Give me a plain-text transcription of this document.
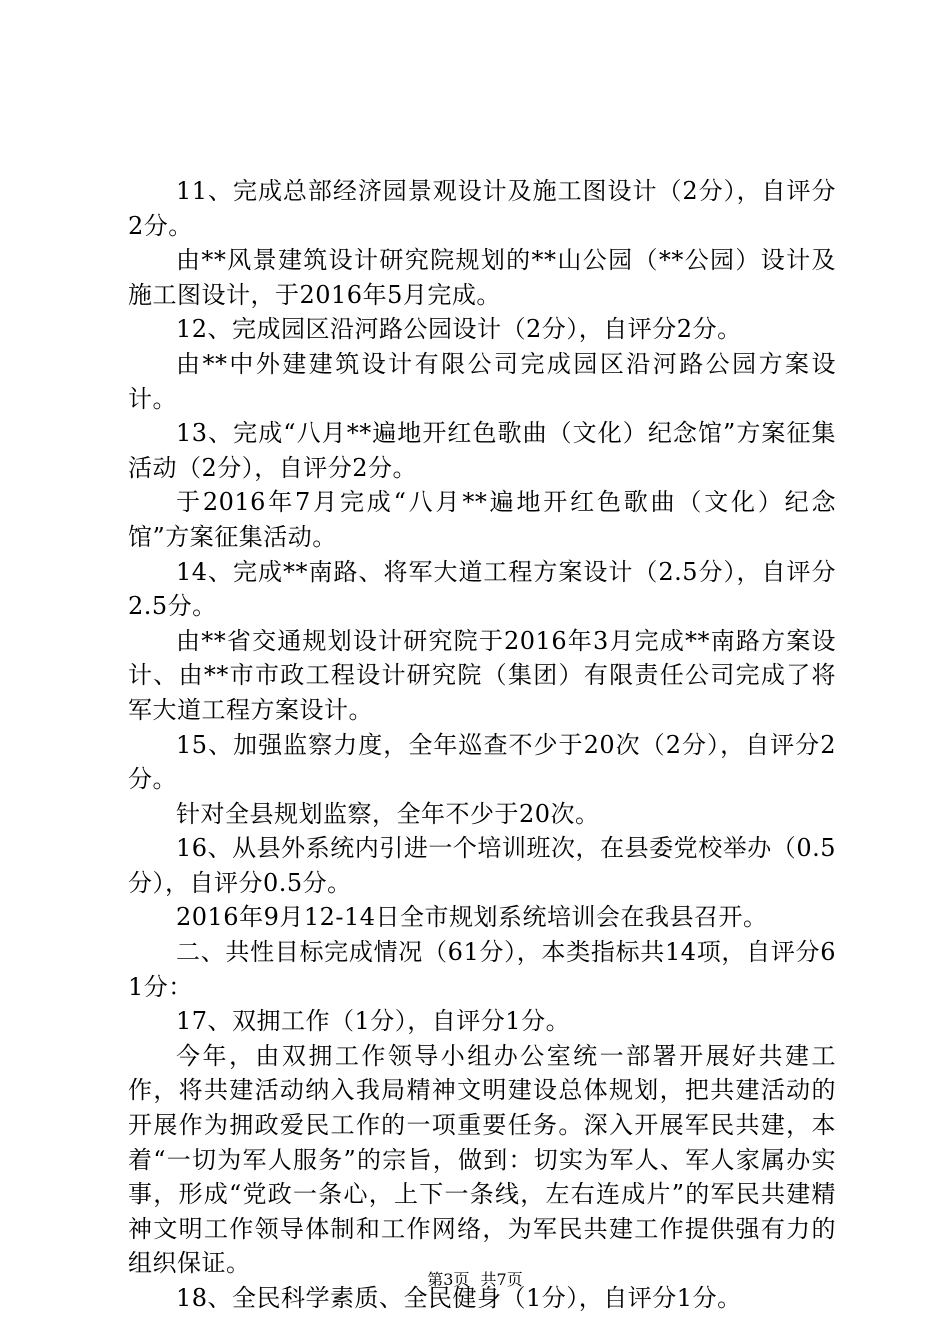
11、完成总部经济园景观设计及施工图设计（2分），自评分2分。

由**风景建筑设计研究院规划的**山公园（**公园）设计及施工图设计，于2016年5月完成。

12、完成园区沿河路公园设计（2分），自评分2分。

由**中外建建筑设计有限公司完成园区沿河路公园方案设计。

13、完成“八月**遍地开红色歌曲（文化）纪念馆”方案征集活动（2分），自评分2分。

于2016年7月完成“八月**遍地开红色歌曲（文化）纪念馆”方案征集活动。

14、完成**南路、将军大道工程方案设计（2.5分），自评分2.5分。

由**省交通规划设计研究院于2016年3月完成**南路方案设计、由**市市政工程设计研究院（集团）有限责任公司完成了将军大道工程方案设计。

15、加强监察力度，全年巡查不少于20次（2分），自评分2分。

针对全县规划监察，全年不少于20次。

16、从县外系统内引进一个培训班次，在县委党校举办（0.5分），自评分0.5分。

2016年9月12-14日全市规划系统培训会在我县召开。

二、共性目标完成情况（61分），本类指标共14项，自评分61分：

17、双拥工作（1分），自评分1分。

今年，由双拥工作领导小组办公室统一部署开展好共建工作，将共建活动纳入我局精神文明建设总体规划，把共建活动的开展作为拥政爱民工作的一项重要任务。深入开展军民共建，本着“一切为军人服务”的宗旨，做到：切实为军人、军人家属办实事，形成“党政一条心，上下一条线，左右连成片”的军民共建精神文明工作领导体制和工作网络，为军民共建工作提供强有力的组织保证。

18、全民科学素质、全民健身（1分），自评分1分。

第3页 共7页
